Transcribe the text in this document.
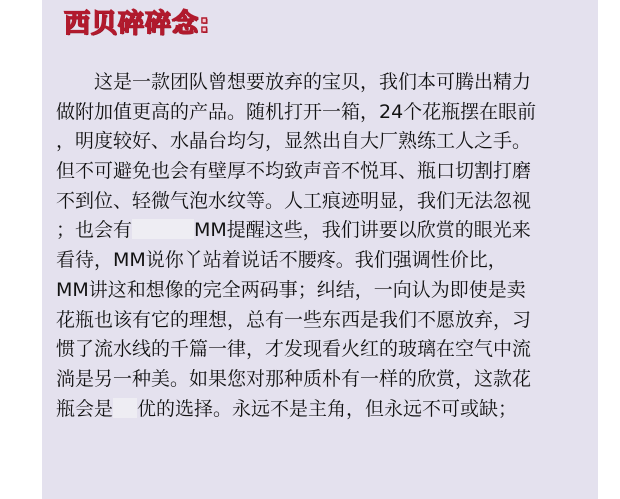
西贝碎碎念:
　　这是一款团队曾想要放弃的宝贝，我们本可腾出精力
做附加值更高的产品。随机打开一箱，24个花瓶摆在眼前
，明度较好、水晶台均匀，显然出自大厂熟练工人之手。
但不可避免也会有壁厚不均致声音不悦耳、瓶口切割打磨
不到位、轻微气泡水纹等。人工痕迹明显，我们无法忽视
；也会有	MM提醒这些，我们讲要以欣赏的眼光来
看待，MM说你丫站着说话不腰疼。我们强调性价比，
MM讲这和想像的完全两码事；纠结，一向认为即使是卖
花瓶也该有它的理想，总有一些东西是我们不愿放弃，习
惯了流水线的千篇一律，才发现看火红的玻璃在空气中流
淌是另一种美。如果您对那种质朴有一样的欣赏，这款花
瓶会是 优的选择。永远不是主角，但永远不可或缺；
